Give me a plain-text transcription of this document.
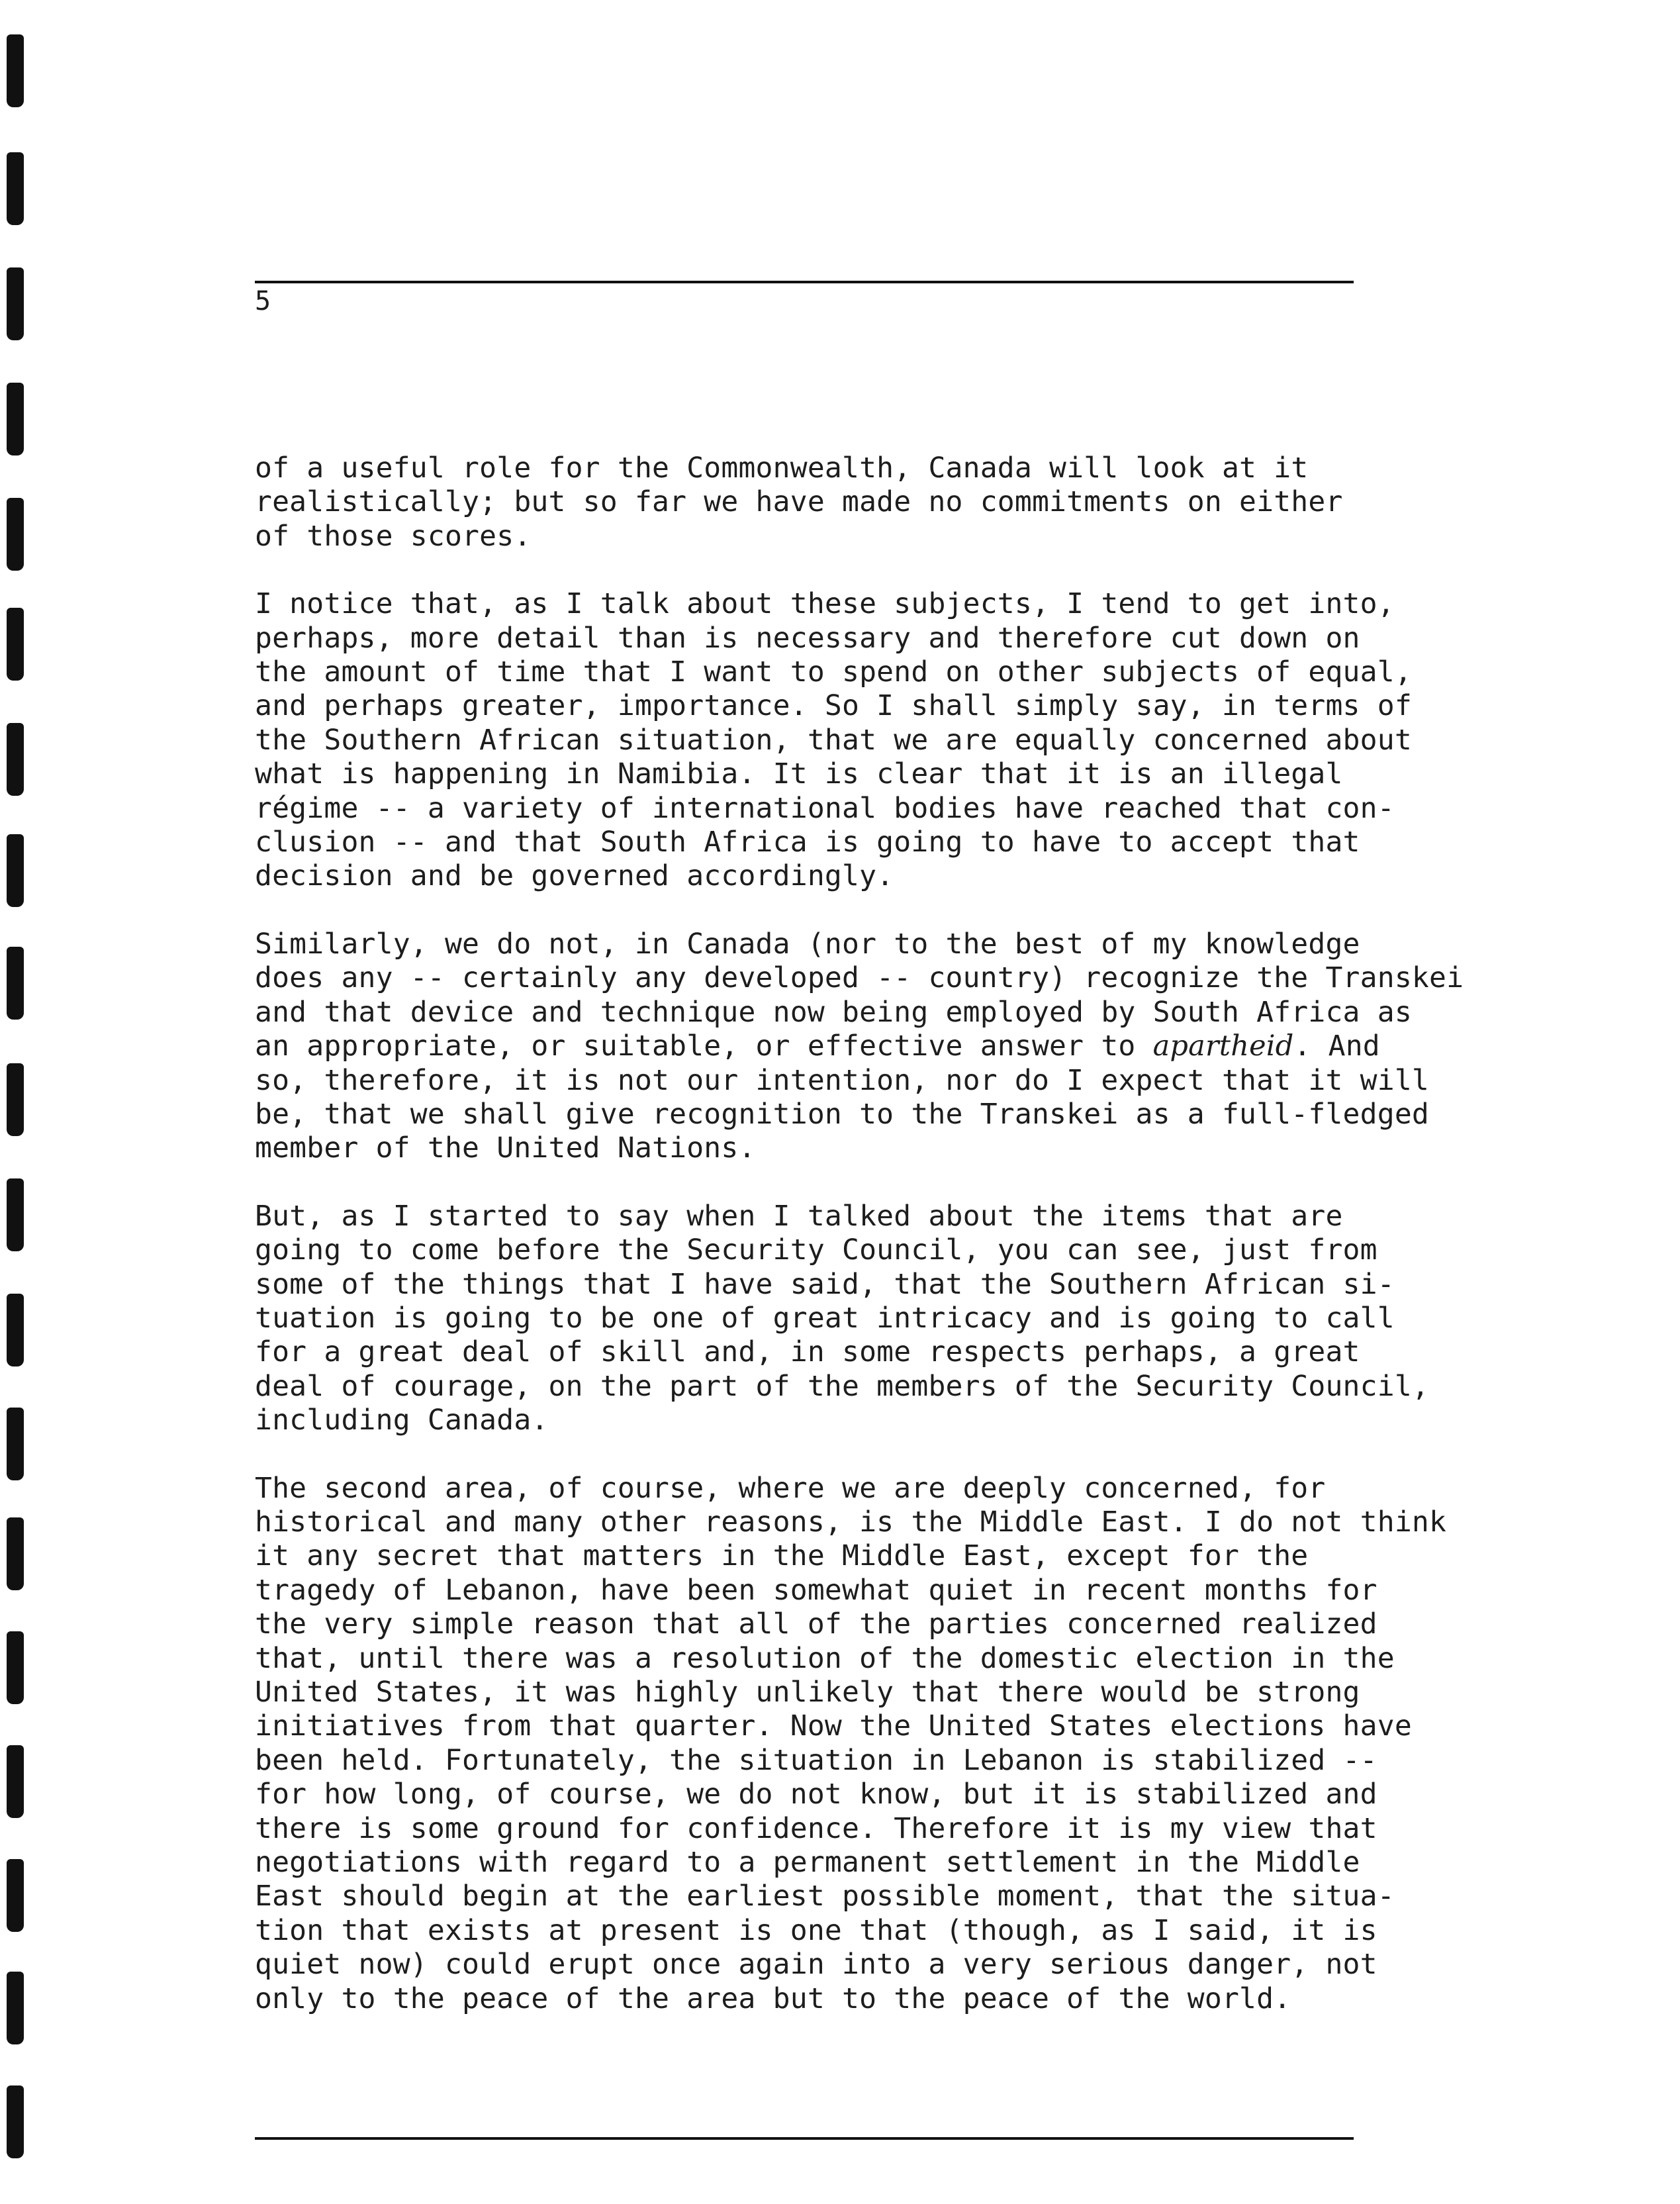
5
of a useful role for the Commonwealth, Canada will look at it
realistically; but so far we have made no commitments on either
of those scores.
I notice that, as I talk about these subjects, I tend to get into,
perhaps, more detail than is necessary and therefore cut down on
the amount of time that I want to spend on other subjects of equal,
and perhaps greater, importance. So I shall simply say, in terms of
the Southern African situation, that we are equally concerned about
what is happening in Namibia. It is clear that it is an illegal
régime -- a variety of international bodies have reached that con-
clusion -- and that South Africa is going to have to accept that
decision and be governed accordingly.
Similarly, we do not, in Canada (nor to the best of my knowledge
does any -- certainly any developed -- country) recognize the Transkei
and that device and technique now being employed by South Africa as
an appropriate, or suitable, or effective answer to apartheid. And
so, therefore, it is not our intention, nor do I expect that it will
be, that we shall give recognition to the Transkei as a full-fledged
member of the United Nations.
But, as I started to say when I talked about the items that are
going to come before the Security Council, you can see, just from
some of the things that I have said, that the Southern African si-
tuation is going to be one of great intricacy and is going to call
for a great deal of skill and, in some respects perhaps, a great
deal of courage, on the part of the members of the Security Council,
including Canada.
The second area, of course, where we are deeply concerned, for
historical and many other reasons, is the Middle East. I do not think
it any secret that matters in the Middle East, except for the
tragedy of Lebanon, have been somewhat quiet in recent months for
the very simple reason that all of the parties concerned realized
that, until there was a resolution of the domestic election in the
United States, it was highly unlikely that there would be strong
initiatives from that quarter. Now the United States elections have
been held. Fortunately, the situation in Lebanon is stabilized --
for how long, of course, we do not know, but it is stabilized and
there is some ground for confidence. Therefore it is my view that
negotiations with regard to a permanent settlement in the Middle
East should begin at the earliest possible moment, that the situa-
tion that exists at present is one that (though, as I said, it is
quiet now) could erupt once again into a very serious danger, not
only to the peace of the area but to the peace of the world.
